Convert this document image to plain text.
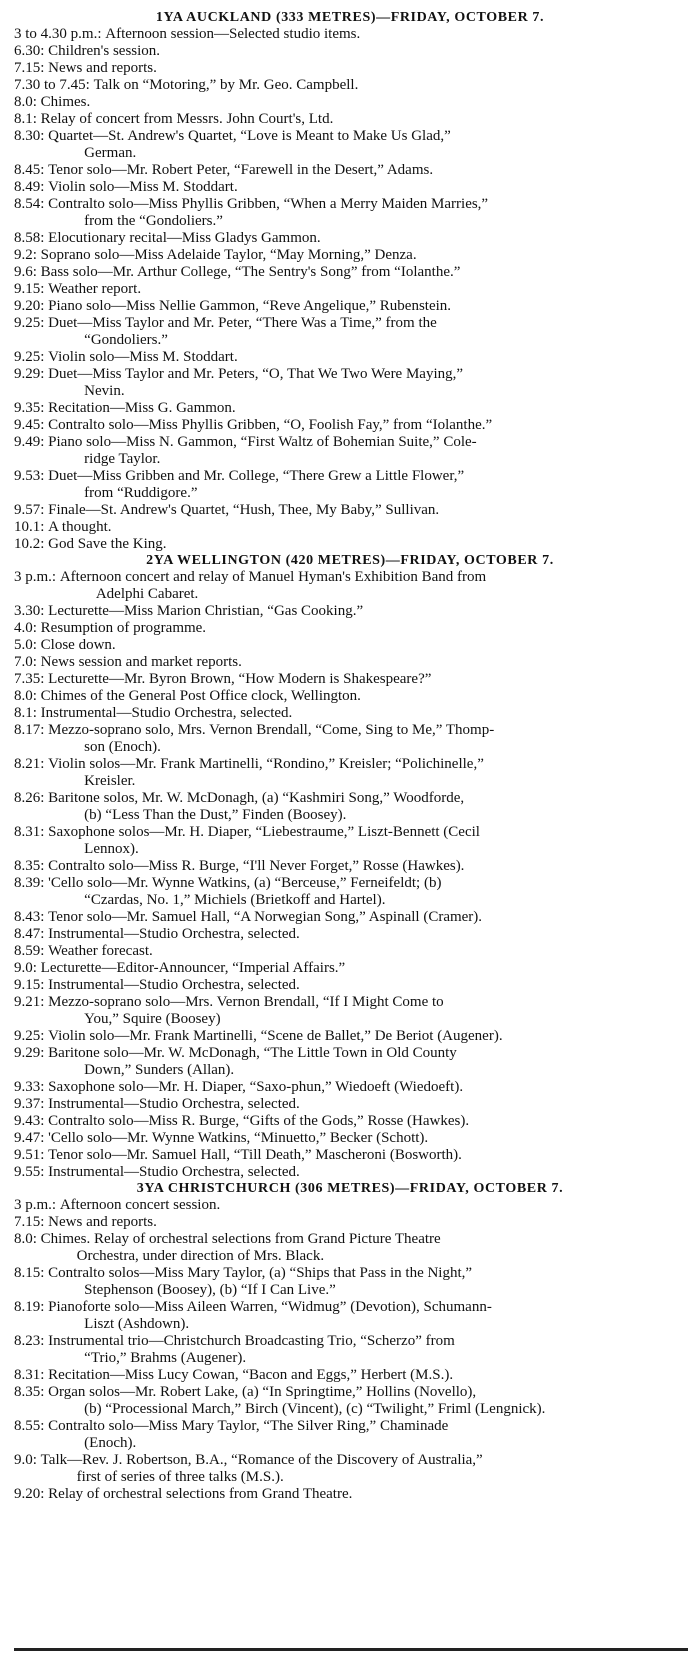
1YA AUCKLAND (333 METRES)—FRIDAY, OCTOBER 7.
3 to 4.30 p.m.:
Afternoon session—Selected studio items.
6.30:
Children's session.
7.15:
News and reports.
7.30 to 7.45:
Talk on “Motoring,” by Mr. Geo. Campbell.
8.0:
Chimes.
8.1:
Relay of concert from Messrs. John Court's, Ltd.
8.30:
Quartet—St. Andrew's Quartet, “Love is Meant to Make Us Glad,”
German.
8.45:
Tenor solo—Mr. Robert Peter, “Farewell in the Desert,” Adams.
8.49:
Violin solo—Miss M. Stoddart.
8.54:
Contralto solo—Miss Phyllis Gribben, “When a Merry Maiden Marries,”
from the “Gondoliers.”
8.58:
Elocutionary recital—Miss Gladys Gammon.
9.2:
Soprano solo—Miss Adelaide Taylor, “May Morning,” Denza.
9.6:
Bass solo—Mr. Arthur College, “The Sentry's Song” from “Iolanthe.”
9.15:
Weather report.
9.20:
Piano solo—Miss Nellie Gammon, “Reve Angelique,” Rubenstein.
9.25:
Duet—Miss Taylor and Mr. Peter, “There Was a Time,” from the
“Gondoliers.”
9.25:
Violin solo—Miss M. Stoddart.
9.29:
Duet—Miss Taylor and Mr. Peters, “O, That We Two Were Maying,”
Nevin.
9.35:
Recitation—Miss G. Gammon.
9.45:
Contralto solo—Miss Phyllis Gribben, “O, Foolish Fay,” from “Iolanthe.”
9.49:
Piano solo—Miss N. Gammon, “First Waltz of Bohemian Suite,” Cole-
ridge Taylor.
9.53:
Duet—Miss Gribben and Mr. College, “There Grew a Little Flower,”
from “Ruddigore.”
9.57:
Finale—St. Andrew's Quartet, “Hush, Thee, My Baby,” Sullivan.
10.1:
A thought.
10.2:
God Save the King.
2YA WELLINGTON (420 METRES)—FRIDAY, OCTOBER 7.
3 p.m.:
Afternoon concert and relay of Manuel Hyman's Exhibition Band from
Adelphi Cabaret.
3.30:
Lecturette—Miss Marion Christian, “Gas Cooking.”
4.0:
Resumption of programme.
5.0:
Close down.
7.0:
News session and market reports.
7.35:
Lecturette—Mr. Byron Brown, “How Modern is Shakespeare?”
8.0:
Chimes of the General Post Office clock, Wellington.
8.1:
Instrumental—Studio Orchestra, selected.
8.17:
Mezzo-soprano solo, Mrs. Vernon Brendall, “Come, Sing to Me,” Thomp-
son (Enoch).
8.21:
Violin solos—Mr. Frank Martinelli, “Rondino,” Kreisler; “Polichinelle,”
Kreisler.
8.26:
Baritone solos, Mr. W. McDonagh, (a) “Kashmiri Song,” Woodforde,
(b) “Less Than the Dust,” Finden (Boosey).
8.31:
Saxophone solos—Mr. H. Diaper, “Liebestraume,” Liszt-Bennett (Cecil
Lennox).
8.35:
Contralto solo—Miss R. Burge, “I'll Never Forget,” Rosse (Hawkes).
8.39:
'Cello solo—Mr. Wynne Watkins, (a) “Berceuse,” Ferneifeldt; (b)
“Czardas, No. 1,” Michiels (Brietkoff and Hartel).
8.43:
Tenor solo—Mr. Samuel Hall, “A Norwegian Song,” Aspinall (Cramer).
8.47:
Instrumental—Studio Orchestra, selected.
8.59:
Weather forecast.
9.0:
Lecturette—Editor-Announcer, “Imperial Affairs.”
9.15:
Instrumental—Studio Orchestra, selected.
9.21:
Mezzo-soprano solo—Mrs. Vernon Brendall, “If I Might Come to
You,” Squire (Boosey)
9.25:
Violin solo—Mr. Frank Martinelli, “Scene de Ballet,” De Beriot (Augener).
9.29:
Baritone solo—Mr. W. McDonagh, “The Little Town in Old County
Down,” Sunders (Allan).
9.33:
Saxophone solo—Mr. H. Diaper, “Saxo-phun,” Wiedoeft (Wiedoeft).
9.37:
Instrumental—Studio Orchestra, selected.
9.43:
Contralto solo—Miss R. Burge, “Gifts of the Gods,” Rosse (Hawkes).
9.47:
'Cello solo—Mr. Wynne Watkins, “Minuetto,” Becker (Schott).
9.51:
Tenor solo—Mr. Samuel Hall, “Till Death,” Mascheroni (Bosworth).
9.55:
Instrumental—Studio Orchestra, selected.
3YA CHRISTCHURCH (306 METRES)—FRIDAY, OCTOBER 7.
3 p.m.:
Afternoon concert session.
7.15:
News and reports.
8.0:
Chimes. Relay of orchestral selections from Grand Picture Theatre
Orchestra, under direction of Mrs. Black.
8.15:
Contralto solos—Miss Mary Taylor, (a) “Ships that Pass in the Night,”
Stephenson (Boosey), (b) “If I Can Live.”
8.19:
Pianoforte solo—Miss Aileen Warren, “Widmug” (Devotion), Schumann-
Liszt (Ashdown).
8.23:
Instrumental trio—Christchurch Broadcasting Trio, “Scherzo” from
“Trio,” Brahms (Augener).
8.31:
Recitation—Miss Lucy Cowan, “Bacon and Eggs,” Herbert (M.S.).
8.35:
Organ solos—Mr. Robert Lake, (a) “In Springtime,” Hollins (Novello),
(b) “Processional March,” Birch (Vincent), (c) “Twilight,” Friml (Lengnick).
8.55:
Contralto solo—Miss Mary Taylor, “The Silver Ring,” Chaminade
(Enoch).
9.0:
Talk—Rev. J. Robertson, B.A., “Romance of the Discovery of Australia,”
first of series of three talks (M.S.).
9.20:
Relay of orchestral selections from Grand Theatre.
